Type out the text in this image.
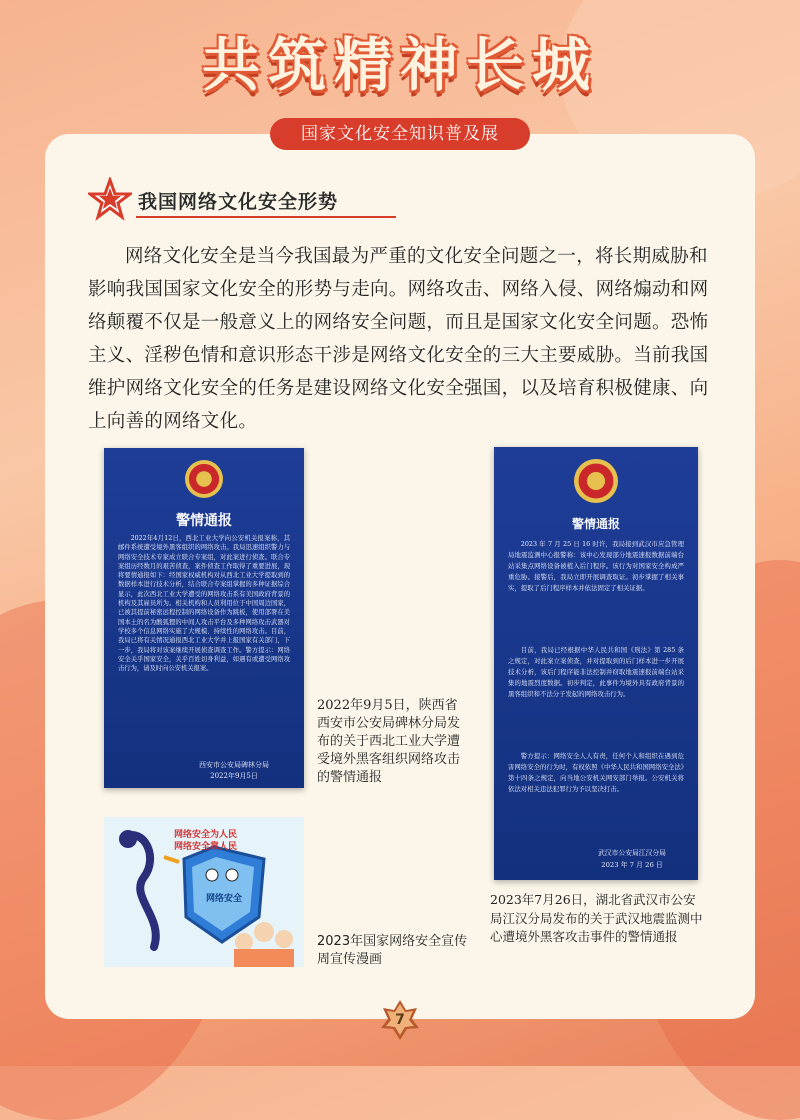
共筑精神长城
国家文化安全知识普及展
我国网络文化安全形势

网络文化安全是当今我国最为严重的文化安全问题之一，将长期威胁和影响我国国家文化安全的形势与走向。网络攻击、网络入侵、网络煽动和网络颠覆不仅是一般意义上的网络安全问题，而且是国家文化安全问题。恐怖主义、淫秽色情和意识形态干涉是网络文化安全的三大主要威胁。当前我国维护网络文化安全的任务是建设网络文化安全强国，以及培育积极健康、向上向善的网络文化。

警情通报

2022年4月12日，西北工业大学向公安机关报案称，其邮件系统遭受境外黑客组织的网络攻击。我局迅速组织警力与网络安全技术专家成立联合专案组，对此案进行侦查。联合专案组历经数月的艰苦侦查，案件侦查工作取得了重要进展，现将要情通报如下：经国家权威机构对从西北工业大学提取到的数据样本进行技术分析，结合联合专案组掌握的多种证据综合显示，此次西北工业大学遭受的网络攻击系有美国政府背景的机构及其雇员所为。相关机构和人员利用位于中国周边国家，已被其提前秘密远程控制的网络设备作为跳板，使用部署在美国本土的名为酸狐狸的中间人攻击平台及多种网络攻击武器对学校多个信息网络实施了大规模、持续性的网络攻击。目前，我局已将有关情况通报西北工业大学并上报国家有关部门，下一步，我局将对该案继续开展侦查调查工作。警方提示：网络安全关乎国家安全，关乎百姓切身利益，如遇有或遭受网络攻击行为，请及时向公安机关报案。

西安市公安局碑林分局
2022年9月5日

2022年9月5日，陕西省西安市公安局碑林分局发布的关于西北工业大学遭受境外黑客组织网络攻击的警情通报

网络安全为人民
网络安全靠人民
网络安全

2023年国家网络安全宣传周宣传漫画

警情通报

2023 年 7 月 25 日 16 时许，我局接到武汉市应急管理局地震监测中心报警称：该中心发现部分地震速报数据前端台站采集点网络设备被植入后门程序。该行为对国家安全构成严重危胁。接警后，我局立即开展调查取证。初步掌握了相关事实，提取了后门程序样本并依法固定了相关证据。

目前，我局已经根据中华人民共和国《刑法》第 285 条之规定，对此案立案侦查，并对提取到的后门样本进一步开展技术分析，该后门程序能非法控制并窃取地震速报前端台站采集的地震烈度数据。初步判定，此事件为境外具有政府背景的黑客组织和不法分子发起的网络攻击行为。

警方提示：网络安全人人有责，任何个人和组织在遇到危害网络安全的行为时，有权依照《中华人民共和国网络安全法》第十四条之规定，向当地公安机关网安部门举报。公安机关将依法对相关违法犯罪行为予以坚决打击。

武汉市公安局江汉分局
2023 年 7 月 26 日

2023年7月26日，湖北省武汉市公安局江汉分局发布的关于武汉地震监测中心遭境外黑客攻击事件的警情通报

7
